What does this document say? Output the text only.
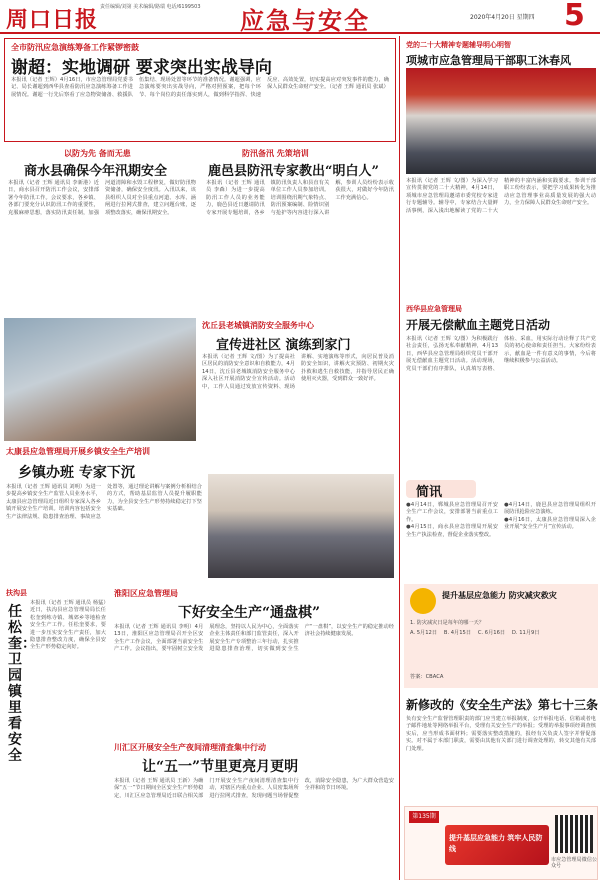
周口日报 责任编辑/刘第 美术编辑/路瑞 电话/6199503	应急与安全	2020年4月20日 星期四 5
全市防汛应急演练筹备工作紧锣密鼓
谢超：实地调研 要求突出实战导向
本报讯（记者 王辉）4月16日，市应急管理局党委书记、局长谢超到西华县查看防汛应急演练筹备工作进展情况。谢超一行先后察看了应急物资储备、救援队伍集结、现场处置等环节的准备情况。谢超强调，应急演练要突出实战导向，严格对照预案，把每个环节、每个岗位的责任落实到人，做到科学指挥、快速反应、高效处置，切实提高应对突发事件的能力，确保人民群众生命财产安全。（记者 王辉 通讯员 张斌）
以防为先 备而无患
商水县确保今年汛期安全
本报讯（记者 王辉 通讯员 李新港）近日，商水县召开防汛工作会议，安排部署今年防汛工作。会议要求，各乡镇、各部门要充分认识防汛工作的重要性，克服麻痹思想，落实防汛责任制，加强河道清障和水毁工程修复，做好防汛物资储备，确保安全度汛。入汛以来，该县组织人员对全县重点河道、水库、涵闸进行拉网式排查，建立问题台账，逐项整改落实，确保汛期安全。
防汛备汛 先策培训
鹿邑县防汛专家教出“明白人”
本报讯（记者 王辉 通讯员 李森）为进一步提高防汛工作人员的业务能力，鹿邑县近日邀请防汛专家开展专题培训，各乡镇防汛负责人和县直有关单位工作人员参加培训。培训围绕汛期气象特点、防汛预案编制、险情识别与抢护等内容进行深入讲解，参训人员纷纷表示收获很大，对做好今年防汛工作充满信心。
沈丘县老城镇消防安全服务中心
宣传进社区 演练到家门
本报讯（记者 王辉 文/图）为了提高社区居民的消防安全意识和自救能力，4月14日，沈丘县老城镇消防安全服务中心深入社区开展消防安全宣传活动。活动中，工作人员通过发放宣传资料、现场讲解、实地演练等形式，向居民普及消防安全知识，讲解火灾预防、初期火灾扑救和逃生自救技能，并指导居民正确使用灭火器，受到群众一致好评。
太康县应急管理局开展乡镇安全生产培训
乡镇办班 专家下沉
本报讯（记者 王辉 通讯员 刘明）为进一步提高乡镇安全生产监管人员业务水平，太康县应急管理局近日组织专家深入各乡镇开展安全生产培训。培训内容包括安全生产法律法规、隐患排查治理、事故应急处置等，通过理论讲解与案例分析相结合的方式，帮助基层监管人员提升履职能力，为全县安全生产形势持续稳定打下坚实基础。
扶沟县
任松奎：卫园镇里看安全
本报讯（记者 王辉 通讯员 杨猛）近日，扶沟县应急管理局局长任松奎到练寺镇、城郊乡等地检查安全生产工作。任松奎要求，要进一步压实安全生产责任，加大隐患排查整改力度，确保全县安全生产形势稳定向好。
淮阳区应急管理局
下好安全生产“通盘棋”
本报讯（记者 王辉 通讯员 李明）4月13日，淮阳区应急管理局召开全区安全生产工作会议，全面部署当前安全生产工作。会议指出，要牢固树立安全发展理念，坚持以人民为中心，全面落实企业主体责任和部门监管责任，深入开展安全生产专项整治三年行动，扎实推进隐患排查治理，切实做到安全生产“一盘棋”，以安全生产的稳定推动经济社会持续健康发展。
川汇区开展安全生产夜间清理清查集中行动
让“五一”节里更亮月更明
本报讯（记者 王辉 通讯员 王新）为确保“五一”节日期间全区安全生产形势稳定，川汇区应急管理局近日联合相关部门开展安全生产夜间清理清查集中行动，对辖区内重点企业、人员密集场所进行拉网式排查，发现问题当场督促整改，消除安全隐患，为广大群众营造安全祥和的节日环境。
党的二十大精神专题辅导明心明智
项城市应急管理局干部职工沐春风
本报讯（记者 王辉 文/图）为深入学习宣传贯彻党的二十大精神，4月14日，项城市应急管理局邀请市委党校专家进行专题辅导。辅导中，专家结合大量鲜活事例，深入浅出地解读了党的二十大精神的丰富内涵和实践要求。参训干部职工纷纷表示，要把学习成果转化为推动应急管理事业高质量发展的强大动力，全力保障人民群众生命财产安全。
西华县应急管理局
开展无偿献血主题党日活动
本报讯（记者 王辉 文/图）为积极践行社会责任，弘扬无私奉献精神，4月13日，西华县应急管理局组织党员干部开展无偿献血主题党日活动。活动现场，党员干部们有序排队，认真填写表格、体检、采血，用实际行动诠释了共产党员的初心使命和责任担当。大家纷纷表示，献血是一件有意义的事情，今后将继续积极参与公益活动。
简讯
●4月14日，郸城县应急管理局召开安全生产工作会议，安排部署当前重点工作。
●4月15日，商水县应急管理局开展安全生产执法检查，督促企业落实整改。
●4月14日，鹿邑县应急管理局组织开展防汛抢险应急演练。
●4月16日，太康县应急管理局深入企业开展“安全生产月”宣传活动。
提升基层应急能力 防灾减灾救灾
1. 防灾减灾日是每年的哪一天？
A. 5月12日　 B. 4月15日　 C. 6月16日　 D. 11月9日
答案：CBACA
新修改的《安全生产法》第七十三条
负有安全生产监督管理职责的部门应当建立举报制度，公开举报电话、信箱或者电子邮件地址等网络举报平台，受理有关安全生产的举报；受理的举报事项经调查核实后，应当形成书面材料；需要落实整改措施的，报经有关负责人签字并督促落实。对不属于本部门职责，需要由其他有关部门进行调查处理的，转交其他有关部门处理。
第135期
提升基层应急能力 筑牢人民防线
市应急管理局微信公众号
